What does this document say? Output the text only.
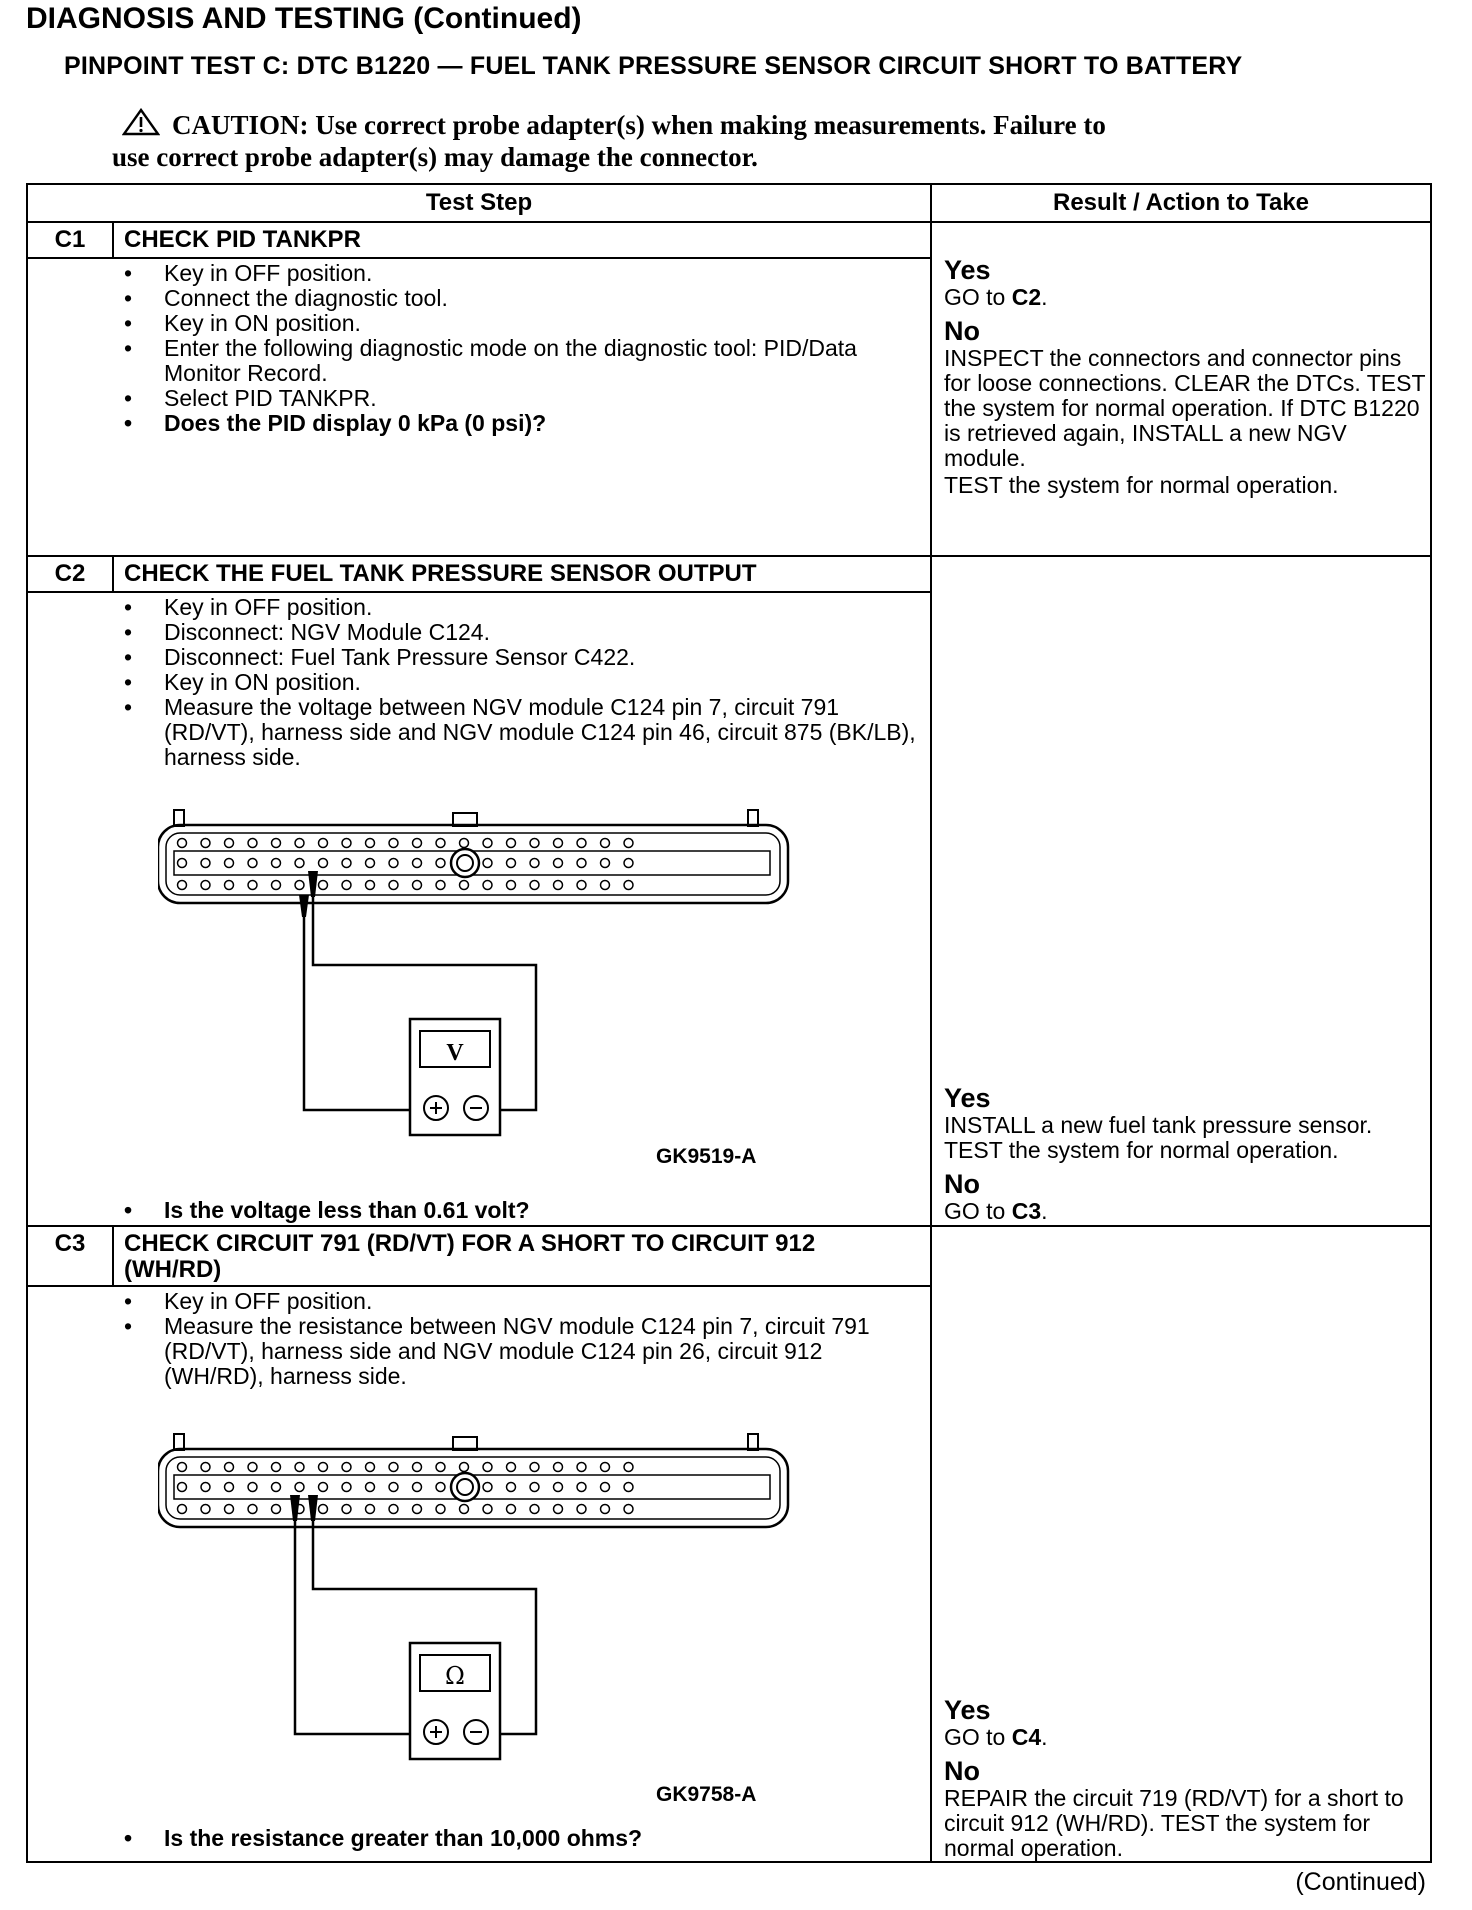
DIAGNOSIS AND TESTING (Continued)
PINPOINT TEST C: DTC B1220 — FUEL TANK PRESSURE SENSOR CIRCUIT SHORT TO BATTERY
CAUTION: Use correct probe adapter(s) when making measurements. Failure to
use correct probe adapter(s) may damage the connector.
Test Step	Result / Action to Take
C1	CHECK PID TANKPR
• Key in OFF position.
• Connect the diagnostic tool.
• Key in ON position.
• Enter the following diagnostic mode on the diagnostic tool: PID/Data Monitor Record.
• Select PID TANKPR.
• Does the PID display 0 kPa (0 psi)?
Yes
GO to C2.
No
INSPECT the connectors and connector pins for loose connections. CLEAR the DTCs. TEST the system for normal operation. If DTC B1220 is retrieved again, INSTALL a new NGV module.
TEST the system for normal operation.
C2	CHECK THE FUEL TANK PRESSURE SENSOR OUTPUT
• Key in OFF position.
• Disconnect: NGV Module C124.
• Disconnect: Fuel Tank Pressure Sensor C422.
• Key in ON position.
• Measure the voltage between NGV module C124 pin 7, circuit 791 (RD/VT), harness side and NGV module C124 pin 46, circuit 875 (BK/LB), harness side.
V
GK9519-A
• Is the voltage less than 0.61 volt?
Yes
INSTALL a new fuel tank pressure sensor. TEST the system for normal operation.
No
GO to C3.
C3	CHECK CIRCUIT 791 (RD/VT) FOR A SHORT TO CIRCUIT 912 (WH/RD)
• Key in OFF position.
• Measure the resistance between NGV module C124 pin 7, circuit 791 (RD/VT), harness side and NGV module C124 pin 26, circuit 912 (WH/RD), harness side.
Ω
GK9758-A
• Is the resistance greater than 10,000 ohms?
Yes
GO to C4.
No
REPAIR the circuit 719 (RD/VT) for a short to circuit 912 (WH/RD). TEST the system for normal operation.
(Continued)
